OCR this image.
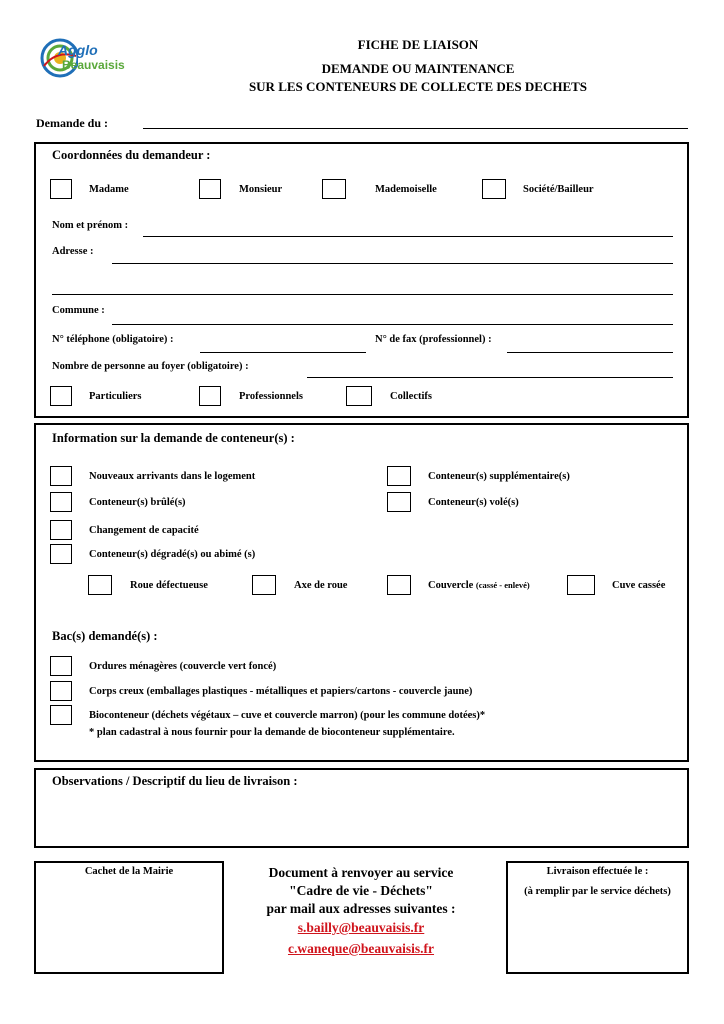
Agglo
Beauvaisis
FICHE DE LIAISON
DEMANDE OU MAINTENANCE
SUR LES CONTENEURS DE COLLECTE DES DECHETS
Demande du :
Coordonnées du demandeur :
Madame	Monsieur	Mademoiselle	Société/Bailleur
Nom et prénom :
Adresse :
Commune :
N° téléphone (obligatoire) :	N° de fax (professionnel) :
Nombre de personne au foyer (obligatoire) :
Particuliers	Professionnels	Collectifs
Information sur la demande de conteneur(s) :
Nouveaux arrivants dans le logement	Conteneur(s) supplémentaire(s)
Conteneur(s) brûlé(s)	Conteneur(s) volé(s)
Changement de capacité
Conteneur(s) dégradé(s) ou abimé (s)
Roue défectueuse	Axe de roue	Couvercle (cassé - enlevé)	Cuve cassée
Bac(s) demandé(s) :
Ordures ménagères (couvercle vert foncé)
Corps creux (emballages plastiques - métalliques et papiers/cartons - couvercle jaune)
Bioconteneur (déchets végétaux – cuve et couvercle marron) (pour les commune dotées)*
* plan cadastral à nous fournir pour la demande de bioconteneur supplémentaire.
Observations / Descriptif du lieu de livraison :
Cachet de la Mairie	Document à renvoyer au service
"Cadre de vie - Déchets"
par mail aux adresses suivantes :
s.bailly@beauvaisis.fr
c.waneque@beauvaisis.fr
Livraison effectuée le :
(à remplir par le service déchets)
